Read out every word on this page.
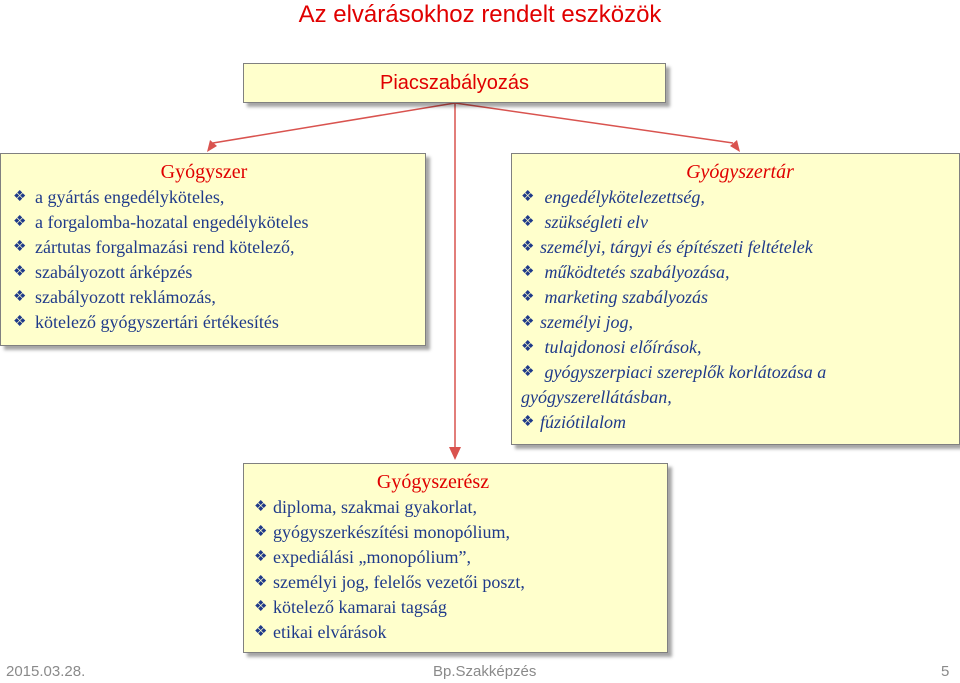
Az elvárásokhoz rendelt eszközök
Piacszabályozás
Gyógyszer
❖ a gyártás engedélyköteles,
❖ a forgalomba-hozatal engedélyköteles
❖ zártutas forgalmazási rend kötelező,
❖ szabályozott árképzés
❖ szabályozott reklámozás,
❖ kötelező gyógyszertári értékesítés
Gyógyszertár
❖ engedélykötelezettség,
❖ szükségleti elv
❖ személyi, tárgyi és építészeti feltételek
❖ működtetés szabályozása,
❖ marketing szabályozás
❖ személyi jog,
❖ tulajdonosi előírások,
❖ gyógyszerpiaci szereplők korlátozása a
gyógyszerellátásban,
❖ fúziótilalom
Gyógyszerész
❖ diploma, szakmai gyakorlat,
❖ gyógyszerkészítési monopólium,
❖ expediálási „monopólium”,
❖ személyi jog, felelős vezetői poszt,
❖ kötelező kamarai tagság
❖ etikai elvárások
2015.03.28.	Bp.Szakképzés	5
